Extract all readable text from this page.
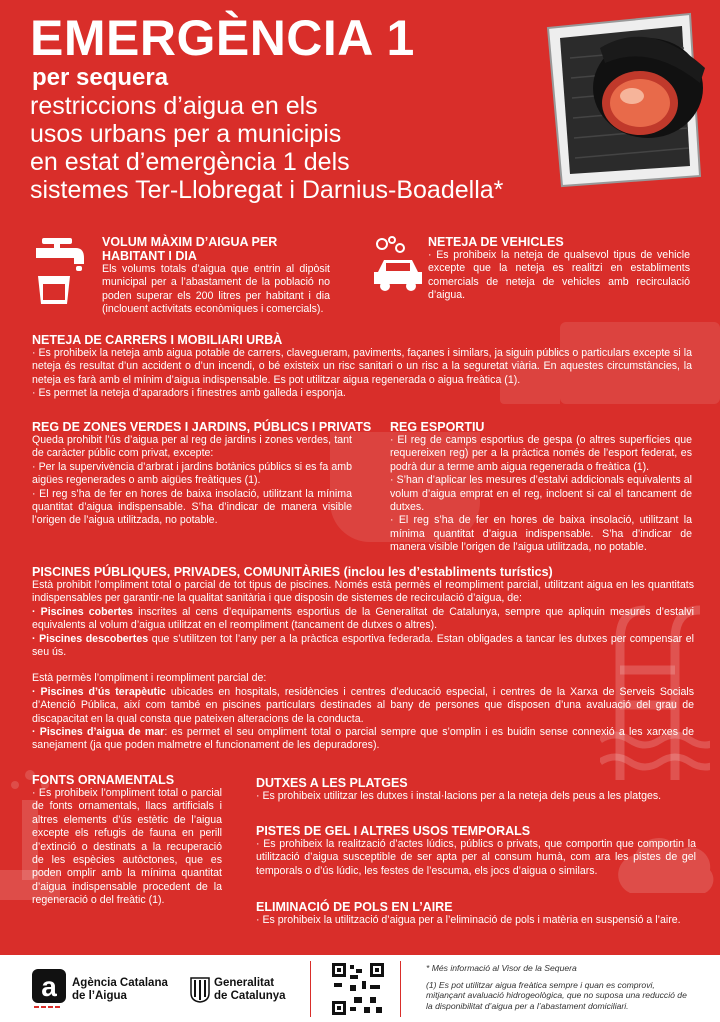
EMERGÈNCIA 1
per sequera
restriccions d’aigua en els
usos urbans per a municipis
en estat d’emergència 1 dels
sistemes Ter-Llobregat i Darnius-Boadella*
VOLUM MÀXIM D’AIGUA PER
HABITANT I DIA
Els volums totals d’aigua que entrin al dipòsit municipal per a l’abastament de la població no poden superar els 200 litres per habitant i dia (inclouent activitats econòmiques i comercials).
NETEJA DE VEHICLES
· Es prohibeix la neteja de qualsevol tipus de vehicle excepte que la neteja es realitzi en establiments comercials de neteja de vehicles amb recirculació d’aigua.
NETEJA DE CARRERS I MOBILIARI URBÀ

· Es prohibeix la neteja amb aigua potable de carrers, clavegueram, paviments, façanes i similars, ja siguin públics o particulars excepte si la neteja és resultat d’un accident o d’un incendi, o bé existeix un risc sanitari o un risc a la seguretat viària. En aquestes circumstàncies, la neteja es farà amb el mínim d’aigua indispensable. Es pot utilitzar aigua regenerada o aigua freàtica (1).

· Es permet la neteja d’aparadors i finestres amb galleda i esponja.

REG DE ZONES VERDES I JARDINS, PÚBLICS I PRIVATS

Queda prohibit l’ús d’aigua per al reg de jardins i zones verdes, tant de caràcter públic com privat, excepte:

· Per la supervivència d’arbrat i jardins botànics públics si es fa amb aigües regenerades o amb aigües freàtiques (1).

· El reg s’ha de fer en hores de baixa insolació, utilitzant la mínima quantitat d’aigua indispensable. S’ha d’indicar de manera visible l’origen de l’aigua utilitzada, no potable.

REG ESPORTIU

· El reg de camps esportius de gespa (o altres superfícies que requereixen reg) per a la pràctica només de l’esport federat, es podrà dur a terme amb aigua regenerada o freàtica (1).

· S’han d’aplicar les mesures d’estalvi addicionals equivalents al volum d’aigua emprat en el reg, incloent si cal el tancament de dutxes.

· El reg s’ha de fer en hores de baixa insolació, utilitzant la mínima quantitat d’aigua indispensable. S’ha d’indicar de manera visible l’origen de l’aigua utilitzada, no potable.

PISCINES PÚBLIQUES, PRIVADES, COMUNITÀRIES (inclou les d’establiments turístics)

Està prohibit l’ompliment total o parcial de tot tipus de piscines. Només està permès el reompliment parcial, utilitzant aigua en les quantitats indispensables per garantir-ne la qualitat sanitària i que disposin de sistemes de recirculació d’aigua, de:

· Piscines cobertes inscrites al cens d’equipaments esportius de la Generalitat de Catalunya, sempre que apliquin mesures d’estalvi equivalents al volum d’aigua utilitzat en el reompliment (tancament de dutxes o altres).

· Piscines descobertes que s’utilitzen tot l’any per a la pràctica esportiva federada. Estan obligades a tancar les dutxes per compensar el seu ús.

Està permès l’ompliment i reompliment parcial de:

· Piscines d’ús terapèutic ubicades en hospitals, residències i centres d’educació especial, i centres de la Xarxa de Serveis Socials d’Atenció Pública, així com també en piscines particulars destinades al bany de persones que disposen d’una avaluació del grau de discapacitat en la qual consta que pateixen alteracions de la conducta.

· Piscines d’aigua de mar: es permet el seu ompliment total o parcial sempre que s’omplin i es buidin sense connexió a les xarxes de sanejament (ja que poden malmetre el funcionament de les depuradores).

FONTS ORNAMENTALS
· Es prohibeix l’ompliment total o parcial de fonts ornamentals, llacs artificials i altres elements d’ús estètic de l’aigua excepte els refugis de fauna en perill d’extinció o destinats a la recuperació de les espècies autòctones, que es poden omplir amb la mínima quantitat d’aigua indispensable procedent de la regeneració o del freàtic (1).
DUTXES A LES PLATGES
· Es prohibeix utilitzar les dutxes i instal·lacions per a la neteja dels peus a les platges.
PISTES DE GEL I ALTRES USOS TEMPORALS
· Es prohibeix la realització d’actes lúdics, públics o privats, que comportin que comportin la utilització d’aigua susceptible de ser apta per al consum humà, com ara les pistes de gel temporals o d’ús lúdic, les festes de l’escuma, els jocs d’aigua o similars.
ELIMINACIÓ DE POLS EN L’AIRE
· Es prohibeix la utilització d’aigua per a l’eliminació de pols i matèria en suspensió a l’aire.
a Agència Catalana
de l’Aigua
Generalitat
de Catalunya
* Més informació al Visor de la Sequera
(1) Es pot utilitzar aigua freàtica sempre i quan es comprovi, mitjançant avaluació hidrogeològica, que no suposa una reducció de la disponibilitat d’aigua per a l’abastament domiciliari.
